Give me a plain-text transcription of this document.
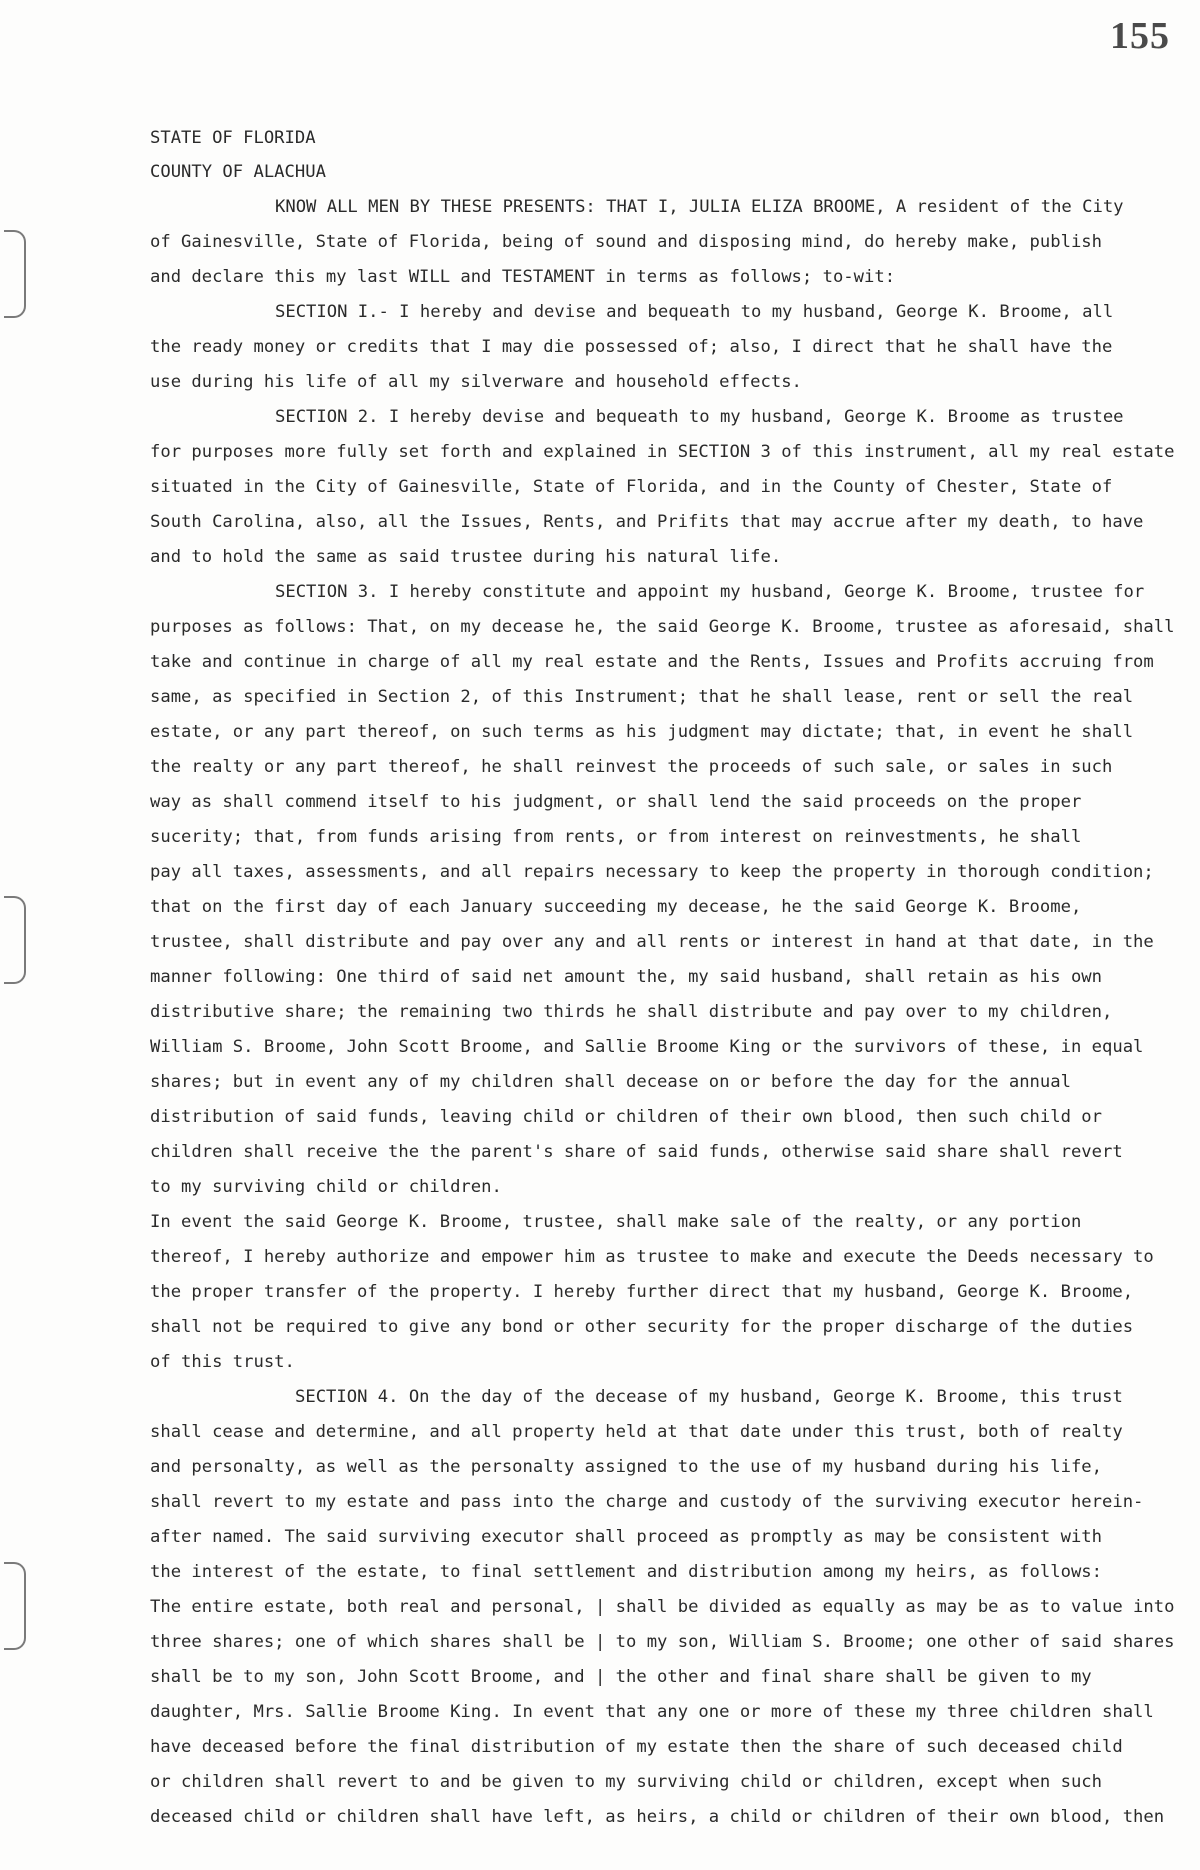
155

STATE OF FLORIDA

COUNTY OF ALACHUA

KNOW ALL MEN BY THESE PRESENTS: THAT I, JULIA ELIZA BROOME, A resident of the City

of Gainesville, State of Florida, being of sound and disposing mind, do hereby make, publish

and declare this my last WILL and TESTAMENT in terms as follows; to-wit:

SECTION I.- I hereby and devise and bequeath to my husband, George K. Broome, all

the ready money or credits that I may die possessed of; also, I direct that he shall have the

use during his life of all my silverware and household effects.

SECTION 2. I hereby devise and bequeath to my husband, George K. Broome as trustee

for purposes more fully set forth and explained in SECTION 3 of this instrument, all my real estate

situated in the City of Gainesville, State of Florida, and in the County of Chester, State of

South Carolina, also, all the Issues, Rents, and Prifits that may accrue after my death, to have

and to hold the same as said trustee during his natural life.

SECTION 3. I hereby constitute and appoint my husband, George K. Broome, trustee for

purposes as follows: That, on my decease he, the said George K. Broome, trustee as aforesaid, shall

take and continue in charge of all my real estate and the Rents, Issues and Profits accruing from

same, as specified in Section 2, of this Instrument; that he shall lease, rent or sell the real

estate, or any part thereof, on such terms as his judgment may dictate; that, in event he shall

the realty or any part thereof, he shall reinvest the proceeds of such sale, or sales in such

way as shall commend itself to his judgment, or shall lend the said proceeds on the proper

sucerity; that, from funds arising from rents, or from interest on reinvestments, he shall

pay all taxes, assessments, and all repairs necessary to keep the property in thorough condition;

that on the first day of each January succeeding my decease, he the said George K. Broome,

trustee, shall distribute and pay over any and all rents or interest in hand at that date, in the

manner following: One third of said net amount the, my said husband, shall retain as his own

distributive share; the remaining two thirds he shall distribute and pay over to my children,

William S. Broome, John Scott Broome, and Sallie Broome King or the survivors of these, in equal

shares; but in event any of my children shall decease on or before the day for the annual

distribution of said funds, leaving child or children of their own blood, then such child or

children shall receive the the parent's share of said funds, otherwise said share shall revert

to my surviving child or children.

In event the said George K. Broome, trustee, shall make sale of the realty, or any portion

thereof, I hereby authorize and empower him as trustee to make and execute the Deeds necessary to

the proper transfer of the property. I hereby further direct that my husband, George K. Broome,

shall not be required to give any bond or other security for the proper discharge of the duties

of this trust.

SECTION 4. On the day of the decease of my husband, George K. Broome, this trust

shall cease and determine, and all property held at that date under this trust, both of realty

and personalty, as well as the personalty assigned to the use of my husband during his life,

shall revert to my estate and pass into the charge and custody of the surviving executor herein-

after named. The said surviving executor shall proceed as promptly as may be consistent with

the interest of the estate, to final settlement and distribution among my heirs, as follows:

The entire estate, both real and personal, | shall be divided as equally as may be as to value into

three shares; one of which shares shall be | to my son, William S. Broome; one other of said shares

shall be to my son, John Scott Broome, and | the other and final share shall be given to my

daughter, Mrs. Sallie Broome King. In event that any one or more of these my three children shall

have deceased before the final distribution of my estate then the share of such deceased child

or children shall revert to and be given to my surviving child or children, except when such

deceased child or children shall have left, as heirs, a child or children of their own blood, then
